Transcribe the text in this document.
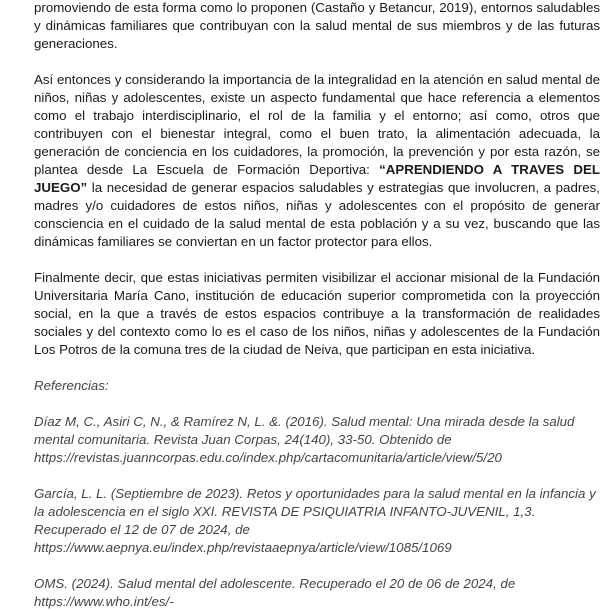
promoviendo de esta forma como lo proponen (Castaño y Betancur, 2019), entornos saludables y dinámicas familiares que contribuyan con la salud mental de sus miembros y de las futuras generaciones.

Así entonces y considerando la importancia de la integralidad en la atención en salud mental de niños, niñas y adolescentes, existe un aspecto fundamental que hace referencia a elementos como el trabajo interdisciplinario, el rol de la familia y el entorno; así como, otros que contribuyen con el bienestar integral, como el buen trato, la alimentación adecuada, la generación de conciencia en los cuidadores, la promoción, la prevención y por esta razón, se plantea desde La Escuela de Formación Deportiva: “APRENDIENDO A TRAVES DEL JUEGO” la necesidad de generar espacios saludables y estrategias que involucren, a padres, madres y/o cuidadores de estos niños, niñas y adolescentes con el propósito de generar consciencia en el cuidado de la salud mental de esta población y a su vez, buscando que las dinámicas familiares se conviertan en un factor protector para ellos.

Finalmente decir, que estas iniciativas permiten visibilizar el accionar misional de la Fundación Universitaria María Cano, institución de educación superior comprometida con la proyección social, en la que a través de estos espacios contribuye a la transformación de realidades sociales y del contexto como lo es el caso de los niños, niñas y adolescentes de la Fundación Los Potros de la comuna tres de la ciudad de Neiva, que participan en esta iniciativa.

Referencias:

Díaz M, C., Asiri C, N., & Ramírez N, L. &. (2016). Salud mental: Una mirada desde la salud mental comunitaria. Revista Juan Corpas, 24(140), 33-50. Obtenido de https://revistas.juanncorpas.edu.co/index.php/cartacomunitaria/article/view/5/20

García, L. L. (Septiembre de 2023). Retos y oportunidades para la salud mental en la infancia y la adolescencia en el siglo XXI. REVISTA DE PSIQUIATRIA INFANTO-JUVENIL, 1,3. Recuperado el 12 de 07 de 2024, de https://www.aepnya.eu/index.php/revistaaepnya/article/view/1085/1069

OMS. (2024). Salud mental del adolescente. Recuperado el 20 de 06 de 2024, de https://www.who.int/es/-
